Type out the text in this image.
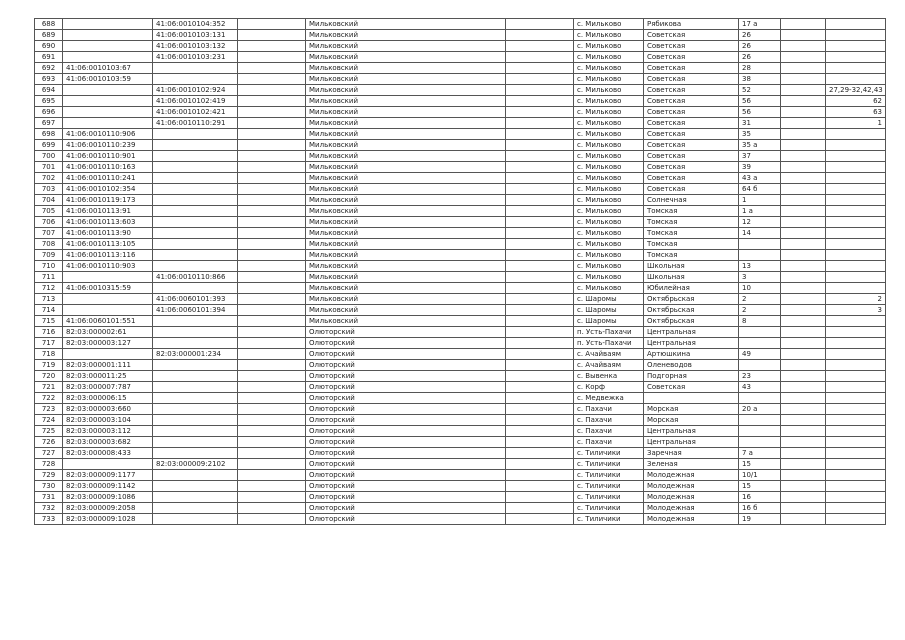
688		41:06:0010104:352		Мильковский		с. Мильково	Рябикова	17 а		
689		41:06:0010103:131		Мильковский		с. Мильково	Советская	26		
690		41:06:0010103:132		Мильковский		с. Мильково	Советская	26		
691		41:06:0010103:231		Мильковский		с. Мильково	Советская	26		
692	41:06:0010103:67			Мильковский		с. Мильково	Советская	28		
693	41:06:0010103:59			Мильковский		с. Мильково	Советская	38		
694		41:06:0010102:924		Мильковский		с. Мильково	Советская	52		27,29-32,42,43
695		41:06:0010102:419		Мильковский		с. Мильково	Советская	56		62
696		41:06:0010102:421		Мильковский		с. Мильково	Советская	56		63
697		41:06:0010110:291		Мильковский		с. Мильково	Советская	31		1
698	41:06:0010110:906			Мильковский		с. Мильково	Советская	35		
699	41:06:0010110:239			Мильковский		с. Мильково	Советская	35 а		
700	41:06:0010110:901			Мильковский		с. Мильково	Советская	37		
701	41:06:0010110:163			Мильковский		с. Мильково	Советская	39		
702	41:06:0010110:241			Мильковский		с. Мильково	Советская	43 а		
703	41:06:0010102:354			Мильковский		с. Мильково	Советская	64 б		
704	41:06:0010119:173			Мильковский		с. Мильково	Солнечная	1		
705	41:06:0010113:91			Мильковский		с. Мильково	Томская	1 а		
706	41:06:0010113:603			Мильковский		с. Мильково	Томская	12		
707	41:06:0010113:90			Мильковский		с. Мильково	Томская	14		
708	41:06:0010113:105			Мильковский		с. Мильково	Томская			
709	41:06:0010113:116			Мильковский		с. Мильково	Томская			
710	41:06:0010110:903			Мильковский		с. Мильково	Школьная	13		
711		41:06:0010110:866		Мильковский		с. Мильково	Школьная	3		
712	41:06:0010315:59			Мильковский		с. Мильково	Юбилейная	10		
713		41:06:0060101:393		Мильковский		с. Шаромы	Октябрьская	2		2
714		41:06:0060101:394		Мильковский		с. Шаромы	Октябрьская	2		3
715	41:06:0060101:551			Мильковский		с. Шаромы	Октябрьская	8		
716	82:03:000002:61			Олюторский		п. Усть-Пахачи	Центральная			
717	82:03:000003:127			Олюторский		п. Усть-Пахачи	Центральная			
718		82:03:000001:234		Олюторский		с. Ачайваям	Артюшкина	49		
719	82:03:000001:111			Олюторский		с. Ачайваям	Оленеводов			
720	82:03:000011:25			Олюторский		с. Вывенка	Подгорная	23		
721	82:03:000007:787			Олюторский		с. Корф	Советская	43		
722	82:03:000006:15			Олюторский		с. Медвежка				
723	82:03:000003:660			Олюторский		с. Пахачи	Морская	20 а		
724	82:03:000003:104			Олюторский		с. Пахачи	Морская			
725	82:03:000003:112			Олюторский		с. Пахачи	Центральная			
726	82:03:000003:682			Олюторский		с. Пахачи	Центральная			
727	82:03:000008:433			Олюторский		с. Тиличики	Заречная	7 а		
728		82:03:000009:2102		Олюторский		с. Тиличики	Зеленая	15		
729	82:03:000009:1177			Олюторский		с. Тиличики	Молодежная	10/1		
730	82:03:000009:1142			Олюторский		с. Тиличики	Молодежная	15		
731	82:03:000009:1086			Олюторский		с. Тиличики	Молодежная	16		
732	82:03:000009:2058			Олюторский		с. Тиличики	Молодежная	16 б		
733	82:03:000009:1028			Олюторский		с. Тиличики	Молодежная	19		
